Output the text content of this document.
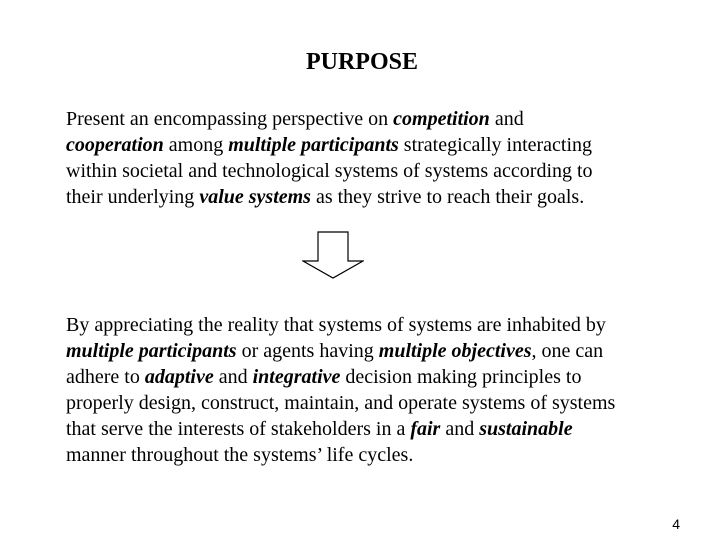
PURPOSE
Present an encompassing perspective on competition and
cooperation among multiple participants strategically interacting
within societal and technological systems of systems according to
their underlying value systems as they strive to reach their goals.
By appreciating the reality that systems of systems are inhabited by
multiple participants or agents having multiple objectives, one can
adhere to adaptive and integrative decision making principles to
properly design, construct, maintain, and operate systems of systems
that serve the interests of stakeholders in a fair and sustainable
manner throughout the systems’ life cycles.
4
